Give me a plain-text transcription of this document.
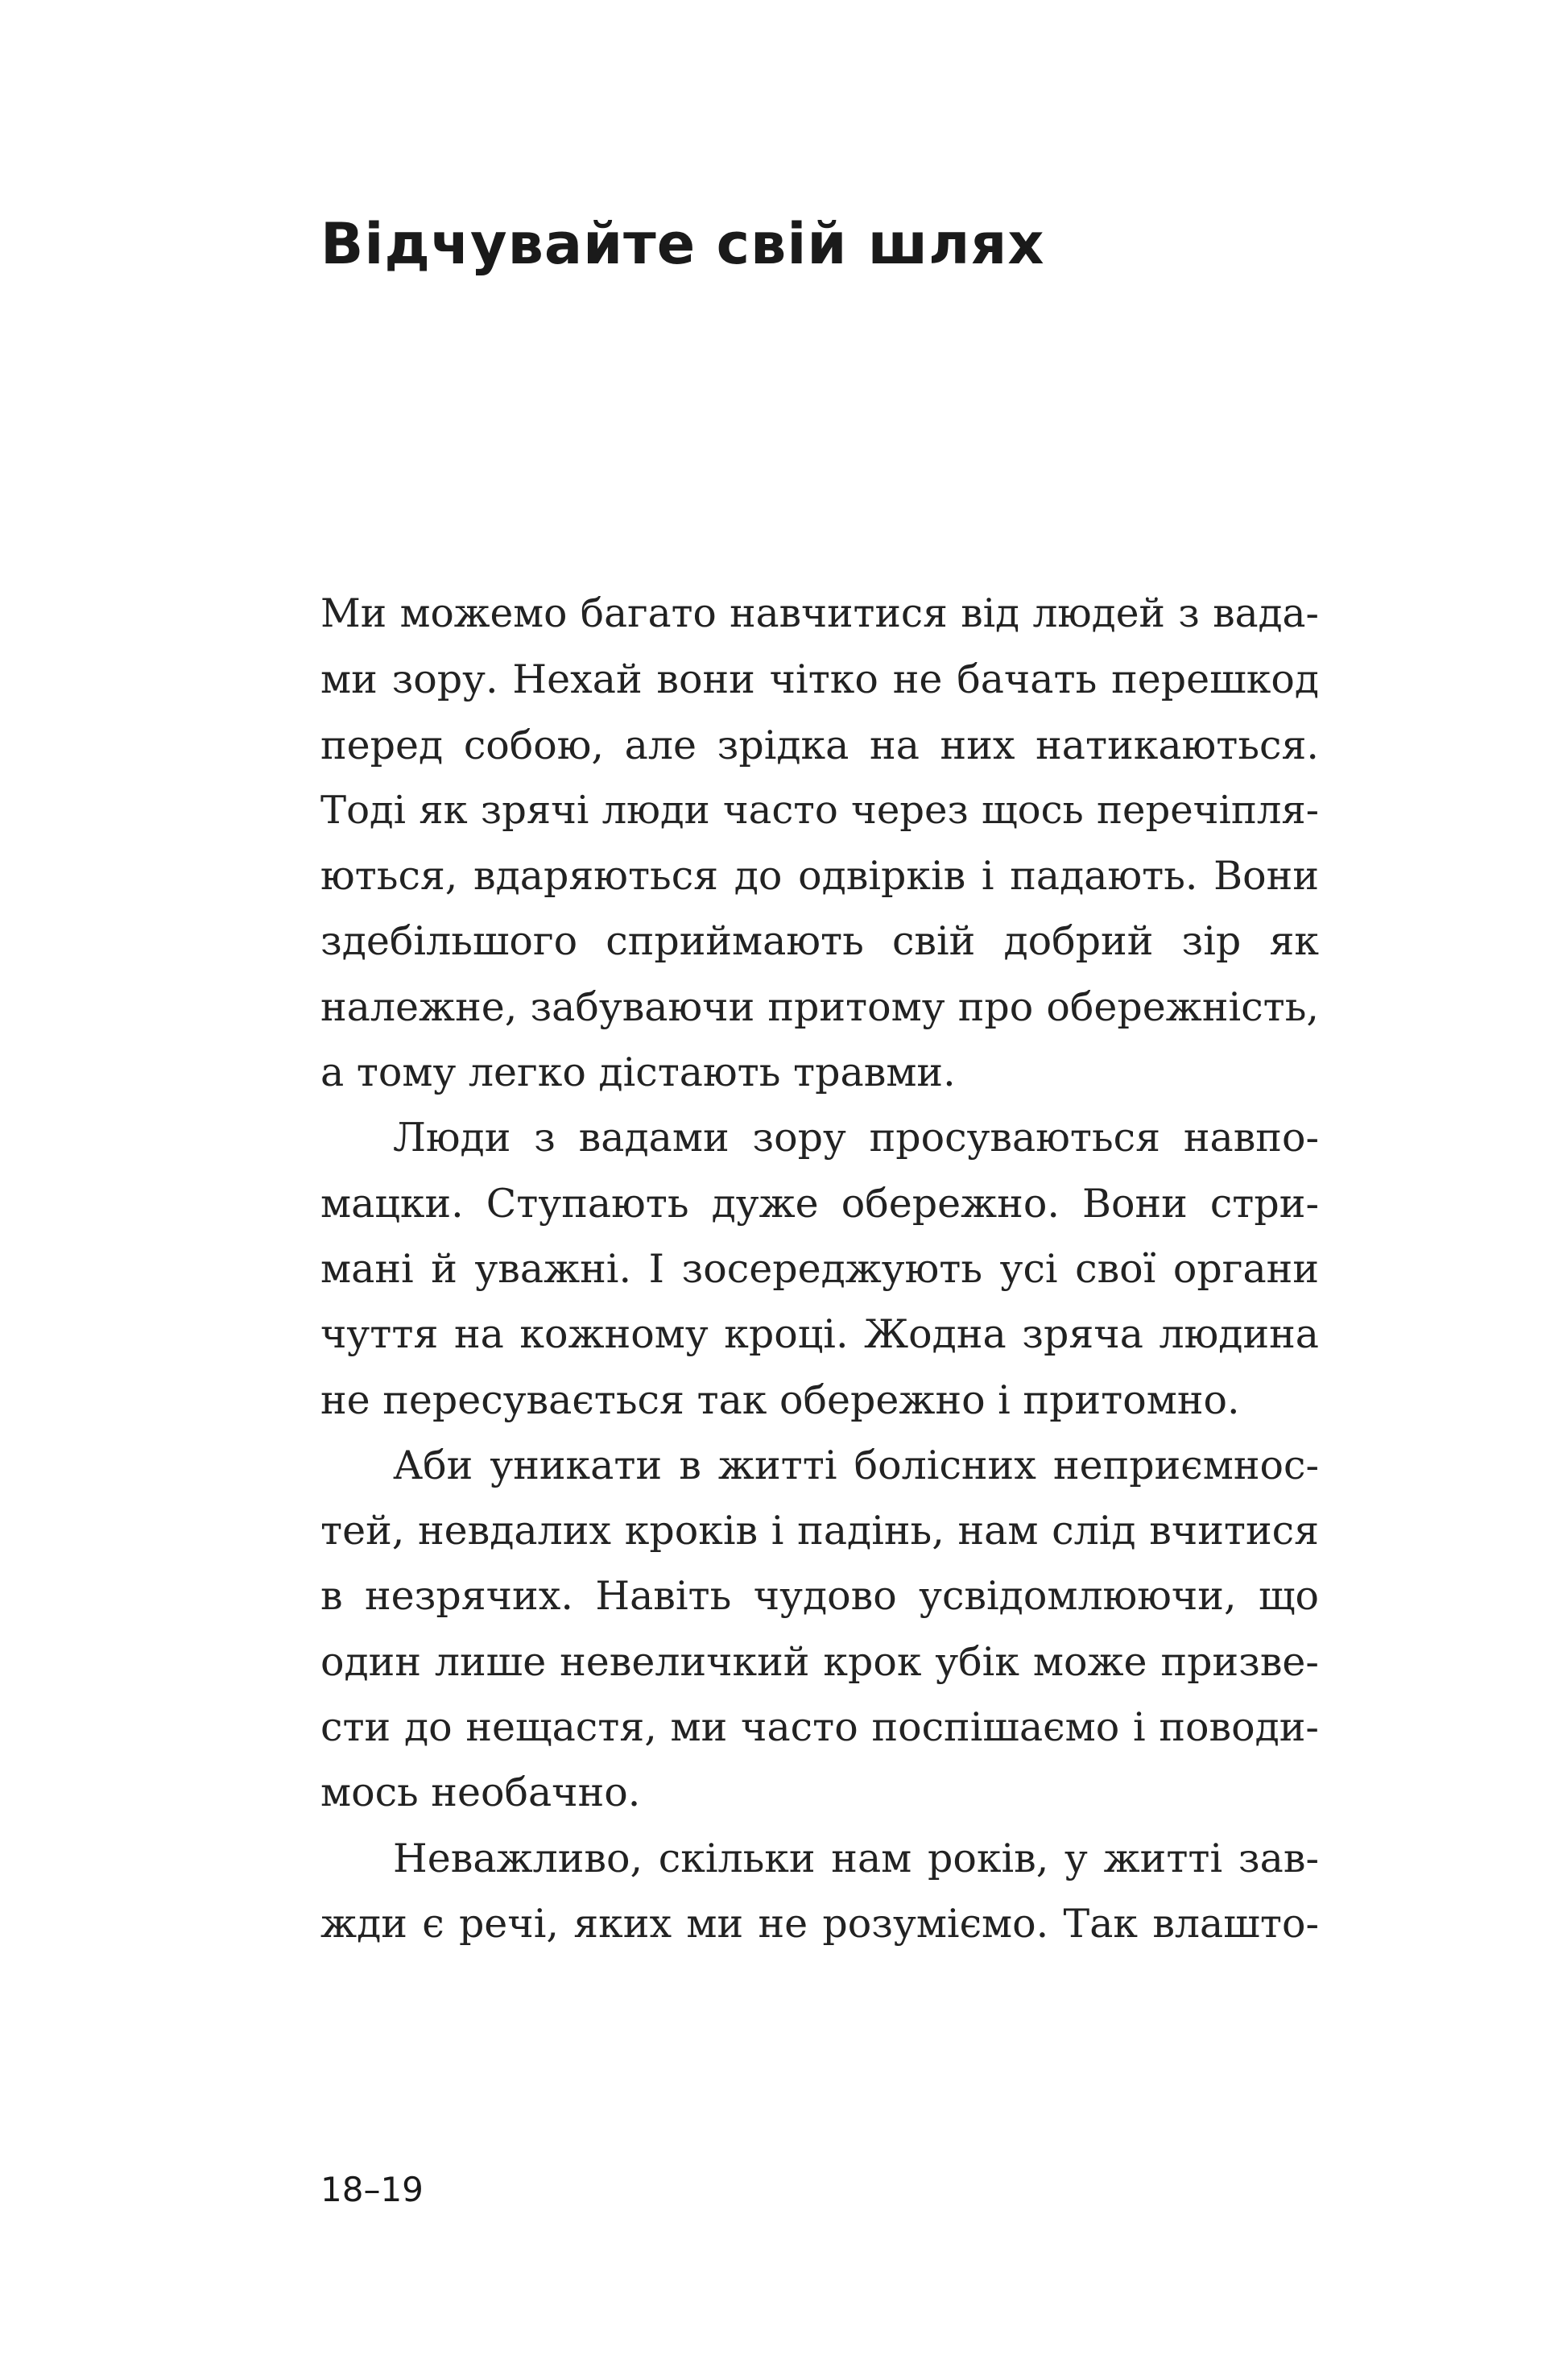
Відчувайте свій шлях
Ми можемо багато навчитися від людей з вада-
ми зору. Нехай вони чітко не бачать перешкод
перед собою, але зрідка на них натикаються.
Тоді як зрячі люди часто через щось перечіпля-
ються, вдаряються до одвірків і падають. Вони
здебільшого сприймають свій добрий зір як
належне, забуваючи притому про обережність,
а тому легко дістають травми.
Люди з вадами зору просуваються навпо-
мацки. Ступають дуже обережно. Вони стри-
мані й уважні. І зосереджують усі свої органи
чуття на кожному кроці. Жодна зряча людина
не пересувається так обережно і притомно.
Аби уникати в житті болісних неприємнос-
тей, невдалих кроків і падінь, нам слід вчитися
в незрячих. Навіть чудово усвідомлюючи, що
один лише невеличкий крок убік може призве-
сти до нещастя, ми часто поспішаємо і поводи-
мось необачно.
Неважливо, скільки нам років, у житті зав-
жди є речі, яких ми не розуміємо. Так влашто-
18–19
